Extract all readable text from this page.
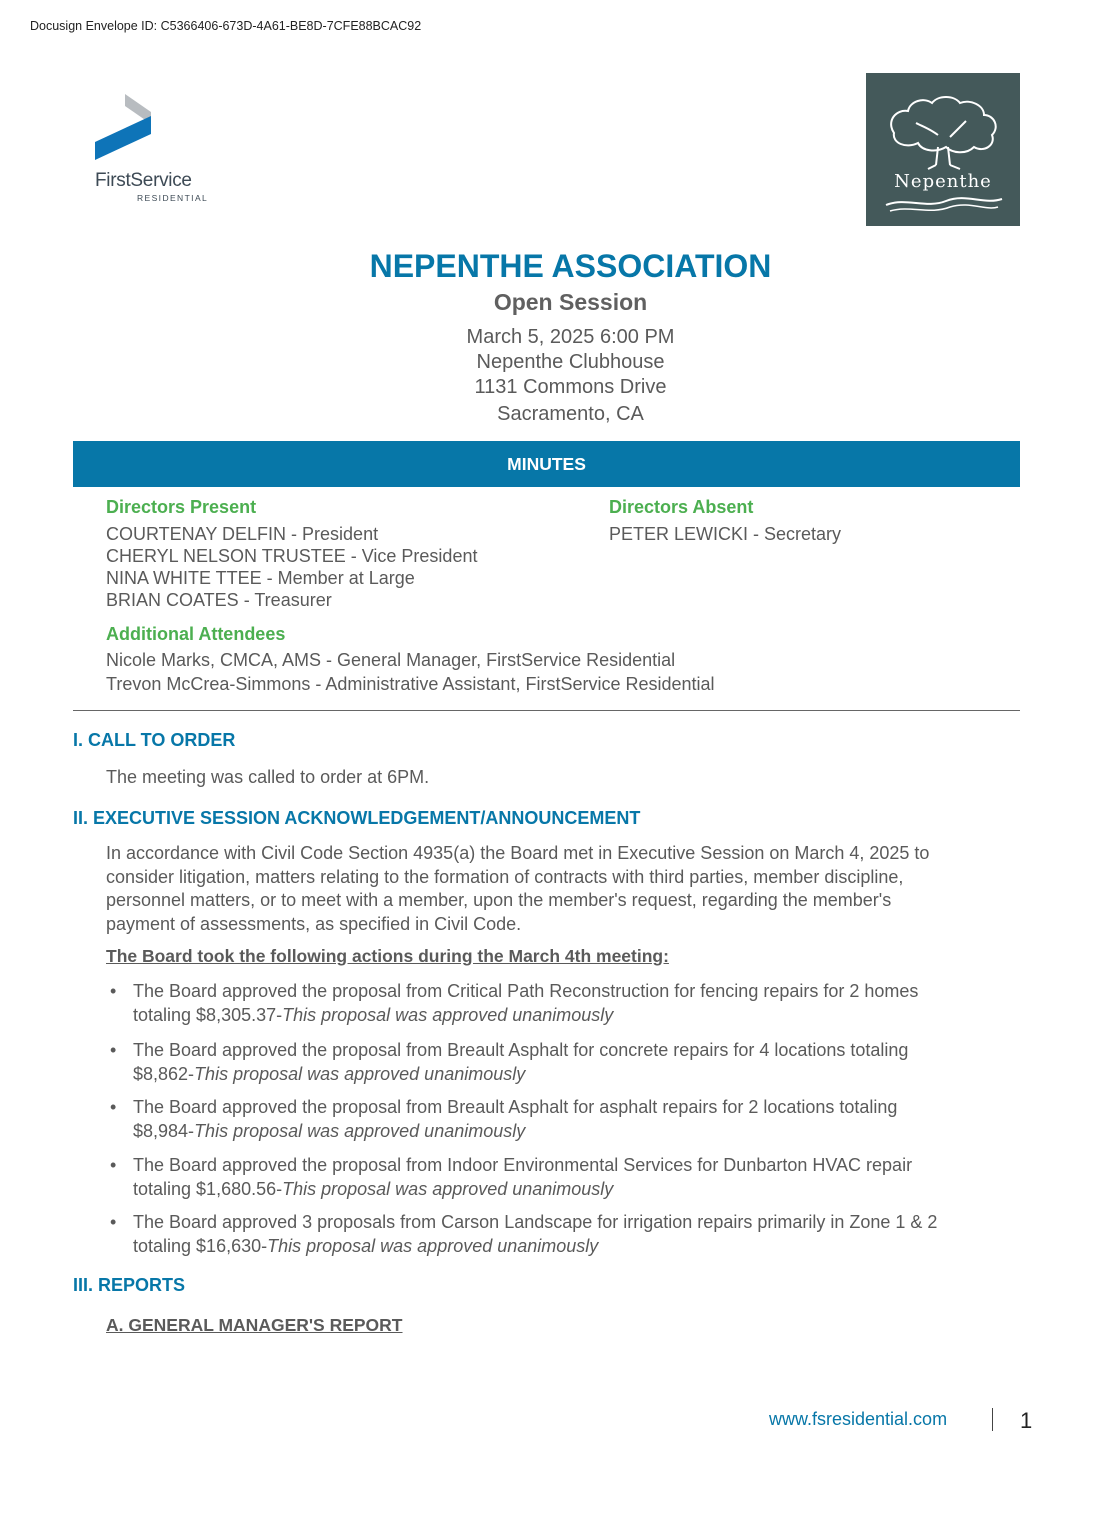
Docusign Envelope ID: C5366406-673D-4A61-BE8D-7CFE88BCAC92
FirstService
RESIDENTIAL
Nepenthe
NEPENTHE ASSOCIATION
Open Session
March 5, 2025 6:00 PM
Nepenthe Clubhouse
1131 Commons Drive
Sacramento, CA
MINUTES
Directors Present
COURTENAY DELFIN - President
CHERYL NELSON TRUSTEE - Vice President
NINA WHITE TTEE - Member at Large
BRIAN COATES - Treasurer
Directors Absent
PETER LEWICKI - Secretary
Additional Attendees
Nicole Marks, CMCA, AMS - General Manager, FirstService Residential
Trevon McCrea-Simmons - Administrative Assistant, FirstService Residential
I. CALL TO ORDER
The meeting was called to order at 6PM.
II. EXECUTIVE SESSION ACKNOWLEDGEMENT/ANNOUNCEMENT
In accordance with Civil Code Section 4935(a) the Board met in Executive Session on March 4, 2025 to
consider litigation, matters relating to the formation of contracts with third parties, member discipline,
personnel matters, or to meet with a member, upon the member's request, regarding the member's
payment of assessments, as specified in Civil Code.
The Board took the following actions during the March 4th meeting:
• The Board approved the proposal from Critical Path Reconstruction for fencing repairs for 2 homes
totaling $8,305.37-This proposal was approved unanimously
• The Board approved the proposal from Breault Asphalt for concrete repairs for 4 locations totaling
$8,862-This proposal was approved unanimously
• The Board approved the proposal from Breault Asphalt for asphalt repairs for 2 locations totaling
$8,984-This proposal was approved unanimously
• The Board approved the proposal from Indoor Environmental Services for Dunbarton HVAC repair
totaling $1,680.56-This proposal was approved unanimously
• The Board approved 3 proposals from Carson Landscape for irrigation repairs primarily in Zone 1 & 2
totaling $16,630-This proposal was approved unanimously
III. REPORTS
A. GENERAL MANAGER'S REPORT
www.fsresidential.com	1
